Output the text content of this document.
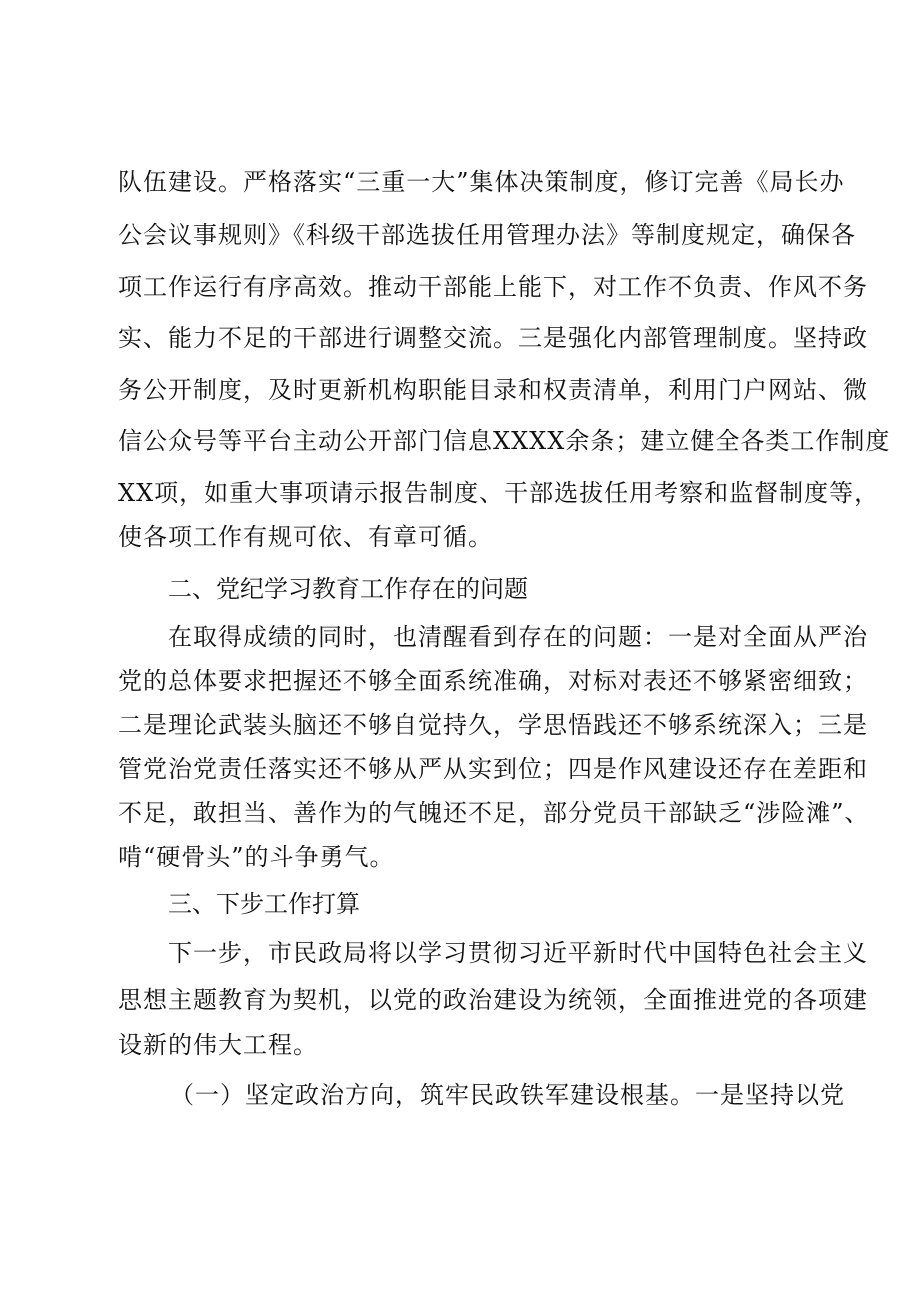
队伍建设。严格落实“三重一大”集体决策制度，修订完善《局长办
公会议事规则》《科级干部选拔任用管理办法》等制度规定，确保各
项工作运行有序高效。推动干部能上能下，对工作不负责、作风不务
实、能力不足的干部进行调整交流。三是强化内部管理制度。坚持政
务公开制度，及时更新机构职能目录和权责清单，利用门户网站、微
信公众号等平台主动公开部门信息XXXX余条；建立健全各类工作制度
XX项，如重大事项请示报告制度、干部选拔任用考察和监督制度等，
使各项工作有规可依、有章可循。
二、党纪学习教育工作存在的问题
在取得成绩的同时，也清醒看到存在的问题：一是对全面从严治
党的总体要求把握还不够全面系统准确，对标对表还不够紧密细致；
二是理论武装头脑还不够自觉持久，学思悟践还不够系统深入；三是
管党治党责任落实还不够从严从实到位；四是作风建设还存在差距和
不足，敢担当、善作为的气魄还不足，部分党员干部缺乏“涉险滩”、
啃“硬骨头”的斗争勇气。
三、下步工作打算
下一步，市民政局将以学习贯彻习近平新时代中国特色社会主义
思想主题教育为契机，以党的政治建设为统领，全面推进党的各项建
设新的伟大工程。
（一）坚定政治方向，筑牢民政铁军建设根基。一是坚持以党
